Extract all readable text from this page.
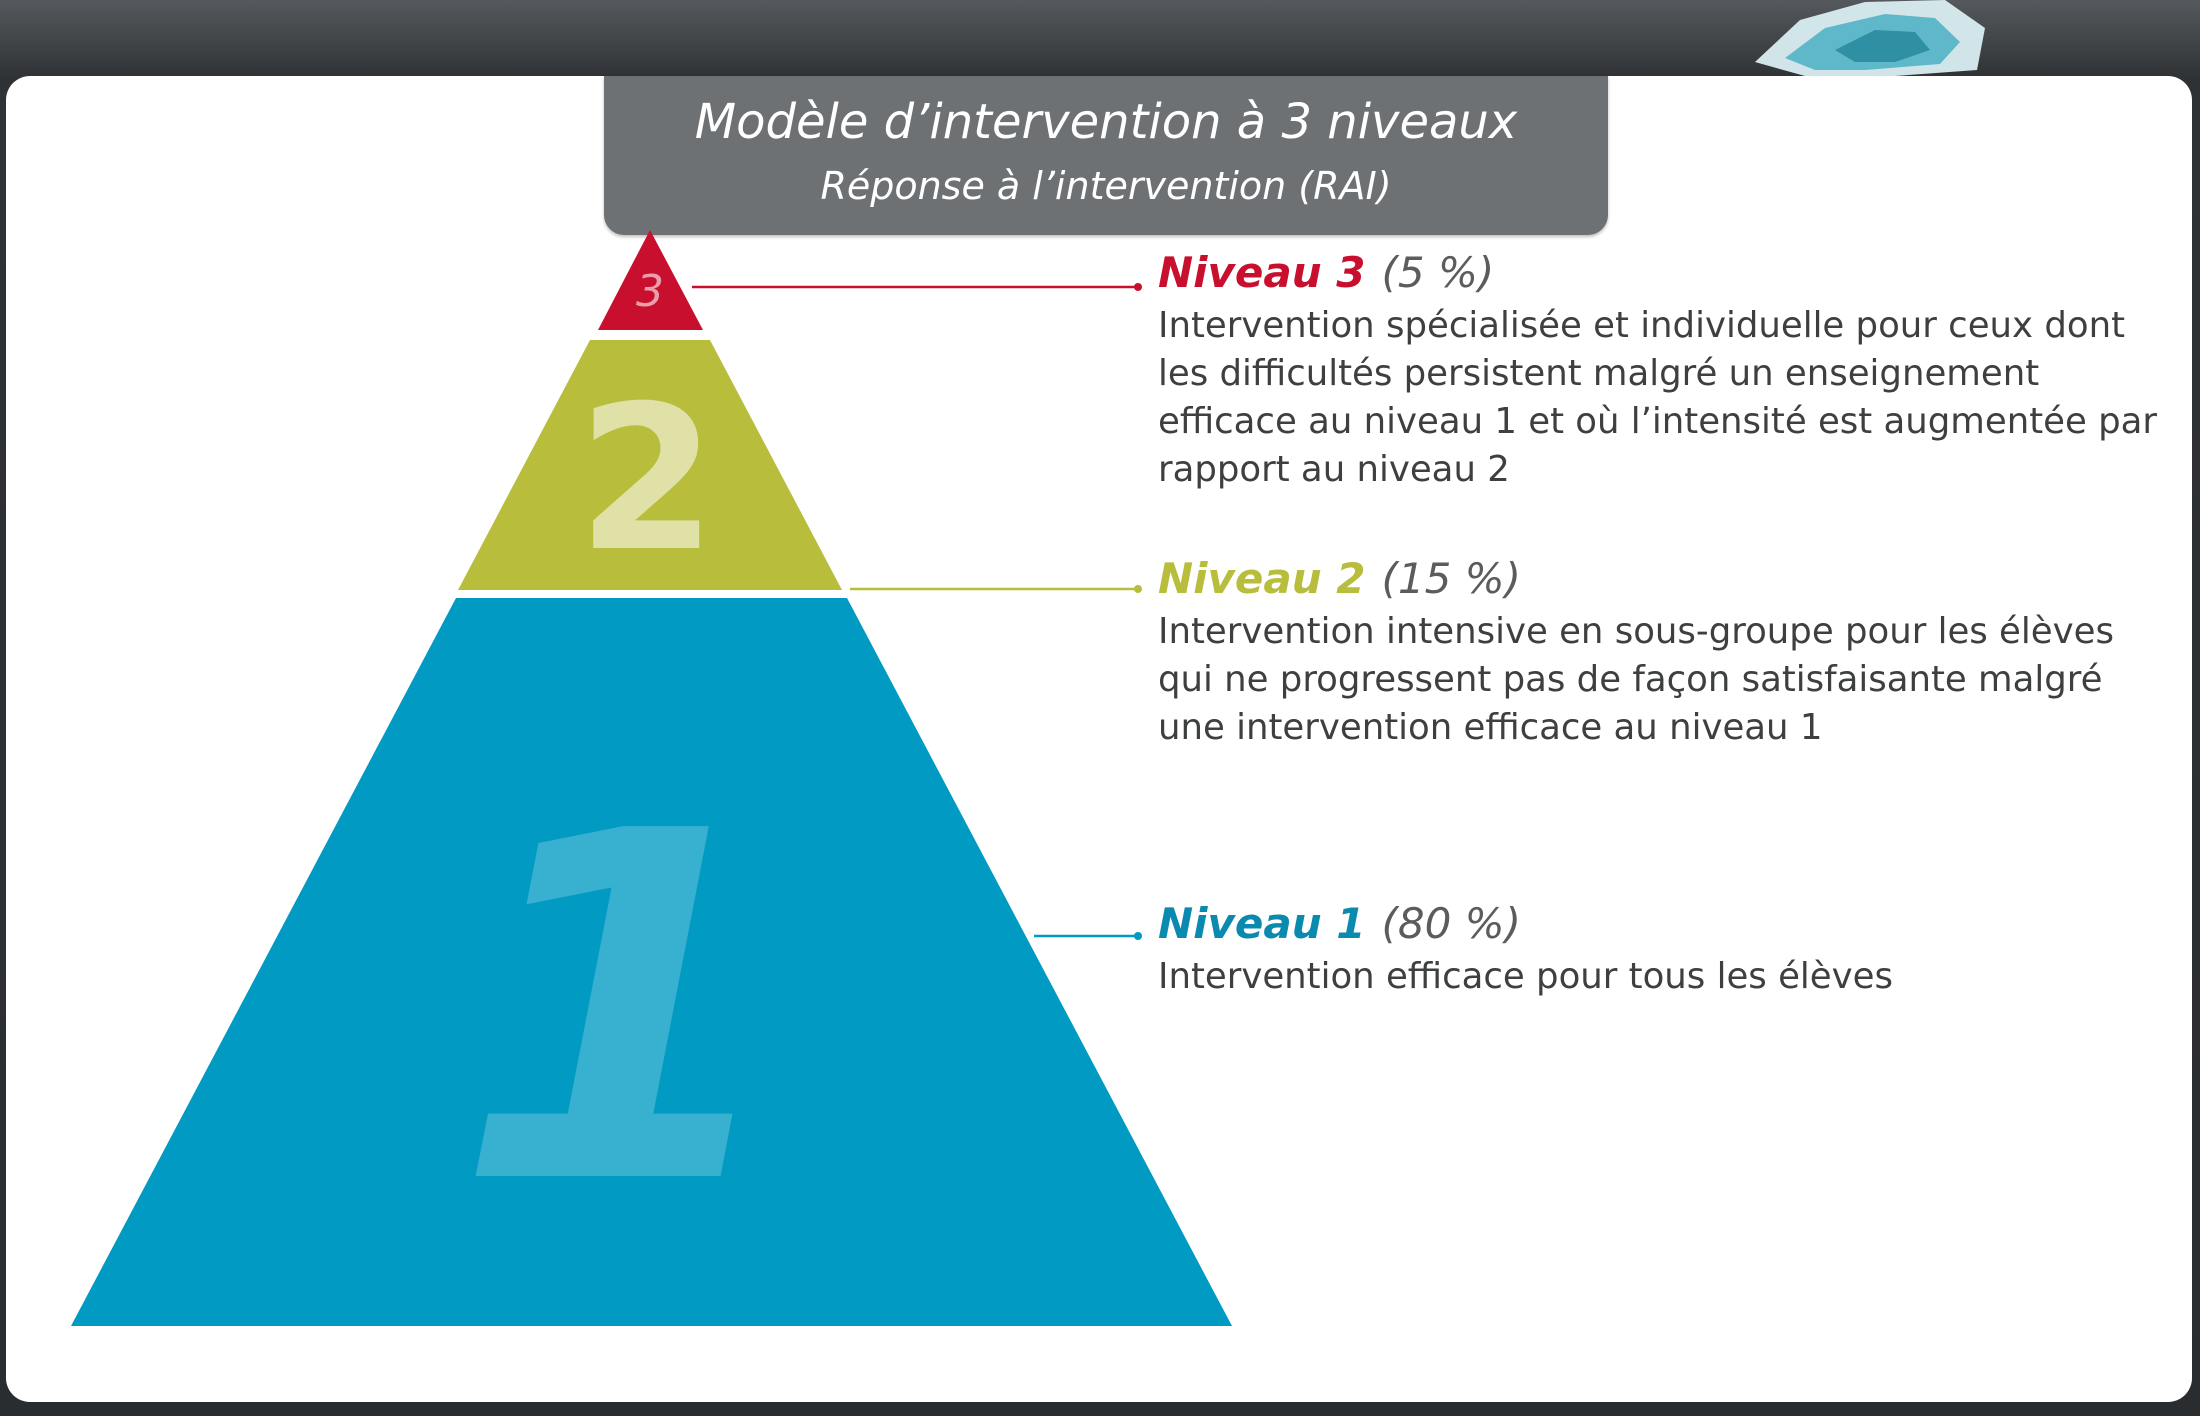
Modèle d’intervention à 3 niveaux
Réponse à l’intervention (RAI)
1
2
3	Niveau 3 (5 %)
Intervention spécialisée et individuelle pour ceux dont les difficultés persistent malgré un enseignement efficace au niveau 1 et où l’intensité est augmentée par rapport au niveau 2
Niveau 2 (15 %)
Intervention intensive en sous-groupe pour les élèves qui ne progressent pas de façon satisfaisante malgré une intervention efficace au niveau 1
Niveau 1 (80 %)
Intervention efficace pour tous les élèves
